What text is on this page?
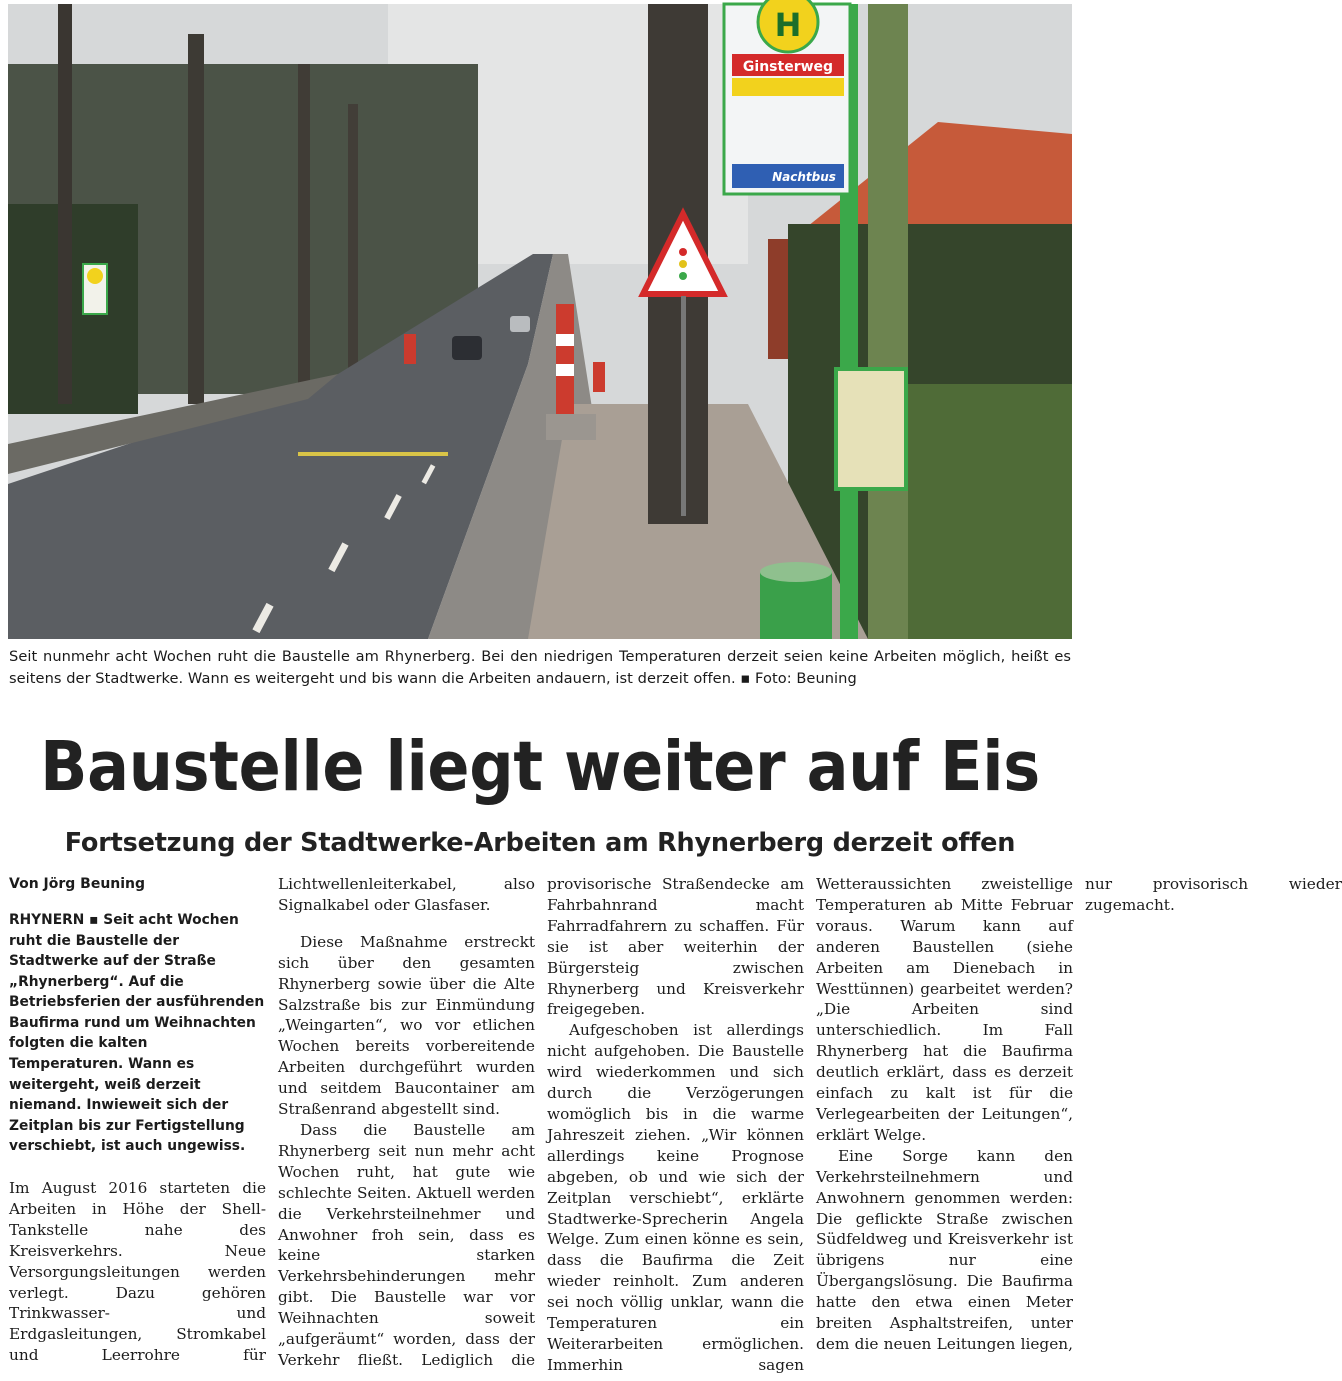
H
Ginsterweg
Nachtbus
Seit nunmehr acht Wochen ruht die Baustelle am Rhynerberg. Bei den niedrigen Temperaturen derzeit seien keine Arbeiten möglich, heißt es seitens der Stadtwerke. Wann es weitergeht und bis wann die Arbeiten andauern, ist derzeit offen. ▪ Foto: Beuning
Baustelle liegt weiter auf Eis
Fortsetzung der Stadtwerke-Arbeiten am Rhynerberg derzeit offen

Von Jörg Beuning

RHYNERN ▪ Seit acht Wochen ruht die Baustelle der Stadtwerke auf der Straße „Rhynerberg“. Auf die Betriebsferien der ausführenden Baufirma rund um Weihnachten folgten die kalten Temperaturen. Wann es weitergeht, weiß derzeit niemand. Inwieweit sich der Zeitplan bis zur Fertigstellung verschiebt, ist auch ungewiss.

Im August 2016 starteten die Arbeiten in Höhe der Shell-Tankstelle nahe des Kreisverkehrs. Neue Versorgungsleitungen werden verlegt. Dazu gehören Trinkwasser- und Erdgasleitungen, Stromkabel und Leerrohre für Lichtwellenleiterkabel, also Signalkabel oder Glasfaser.

Diese Maßnahme erstreckt sich über den gesamten Rhynerberg sowie über die Alte Salzstraße bis zur Einmündung „Weingarten“, wo vor etlichen Wochen bereits vorbereitende Arbeiten durchgeführt wurden und seitdem Baucontainer am Straßenrand abgestellt sind.

Dass die Baustelle am Rhynerberg seit nun mehr acht Wochen ruht, hat gute wie schlechte Seiten. Aktuell werden die Verkehrsteilnehmer und Anwohner froh sein, dass es keine starken Verkehrsbehinderungen mehr gibt. Die Baustelle war vor Weihnachten soweit „aufgeräumt“ worden, dass der Verkehr fließt. Lediglich die provisorische Straßendecke am Fahrbahnrand macht Fahrradfahrern zu schaffen. Für sie ist aber weiterhin der Bürgersteig zwischen Rhynerberg und Kreisverkehr freigegeben.

Aufgeschoben ist allerdings nicht aufgehoben. Die Baustelle wird wiederkommen und sich durch die Verzögerungen womöglich bis in die warme Jahreszeit ziehen. „Wir können allerdings keine Prognose abgeben, ob und wie sich der Zeitplan verschiebt“, erklärte Stadtwerke-Sprecherin Angela Welge. Zum einen könne es sein, dass die Baufirma die Zeit wieder reinholt. Zum anderen sei noch völlig unklar, wann die Temperaturen ein Weiterarbeiten ermöglichen. Immerhin sagen Wetteraussichten zweistellige Temperaturen ab Mitte Februar voraus. Warum kann auf anderen Baustellen (siehe Arbeiten am Dienebach in Westtünnen) gearbeitet werden? „Die Arbeiten sind unterschiedlich. Im Fall Rhynerberg hat die Baufirma deutlich erklärt, dass es derzeit einfach zu kalt ist für die Verlegearbeiten der Leitungen“, erklärt Welge.

Eine Sorge kann den Verkehrsteilnehmern und Anwohnern genommen werden: Die geflickte Straße zwischen Südfeldweg und Kreisverkehr ist übrigens nur eine Übergangslösung. Die Baufirma hatte den etwa einen Meter breiten Asphaltstreifen, unter dem die neuen Leitungen liegen, nur provisorisch wieder zugemacht.
